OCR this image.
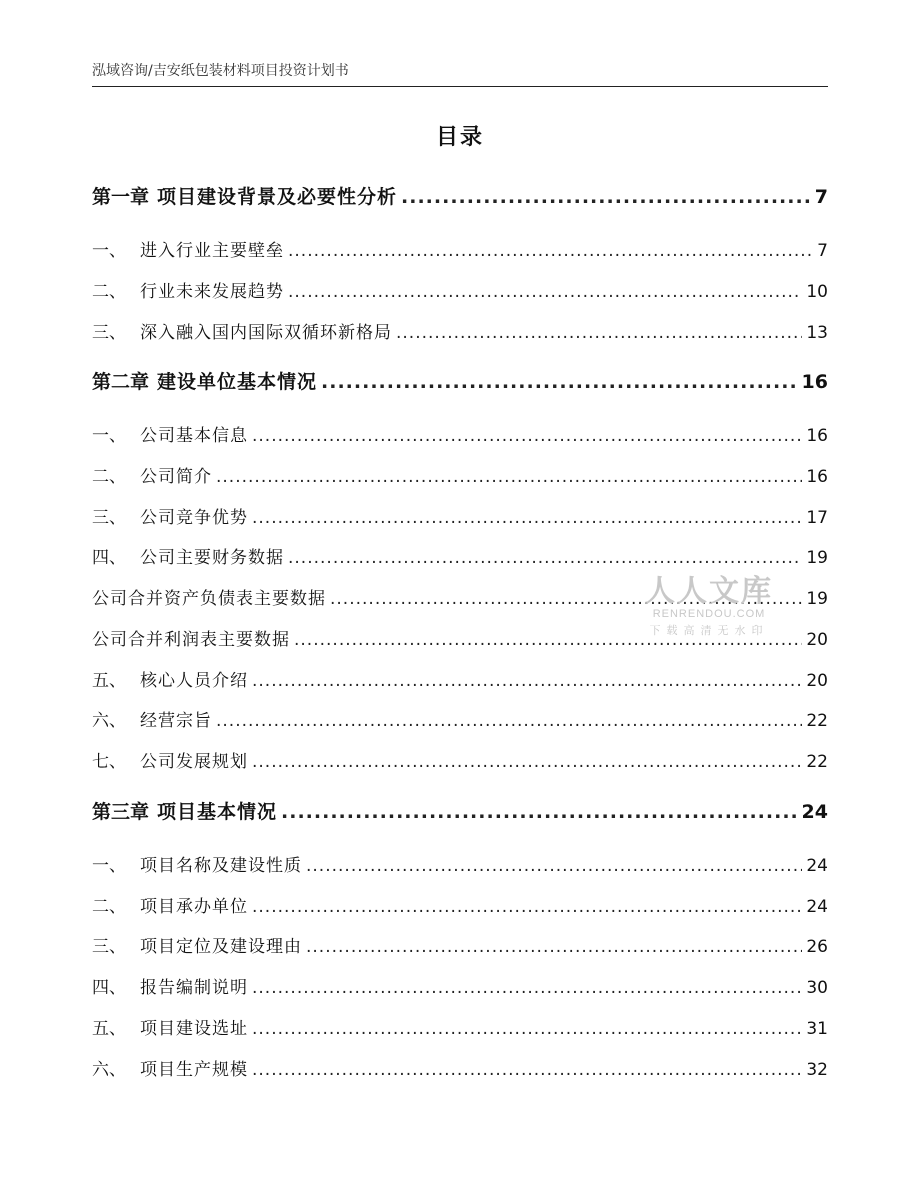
泓域咨询/吉安纸包装材料项目投资计划书
目录
第一章 项目建设背景及必要性分析 .....	7
一、 进入行业主要壁垒 .....	7
二、 行业未来发展趋势 .....	10
三、 深入融入国内国际双循环新格局 .....	13
第二章 建设单位基本情况 .....	16
一、 公司基本信息 .....	16
二、 公司简介 .....	16
三、 公司竞争优势 .....	17
四、 公司主要财务数据 .....	19
公司合并资产负债表主要数据 .....	19
公司合并利润表主要数据 .....	20
五、 核心人员介绍 .....	20
六、 经营宗旨 .....	22
七、 公司发展规划 .....	22
第三章 项目基本情况 .....	24
一、 项目名称及建设性质 .....	24
二、 项目承办单位 .....	24
三、 项目定位及建设理由 .....	26
四、 报告编制说明 .....	30
五、 项目建设选址 .....	31
六、 项目生产规模 .....	32
人人文库
RENRENDOU.COM
下载高清无水印
